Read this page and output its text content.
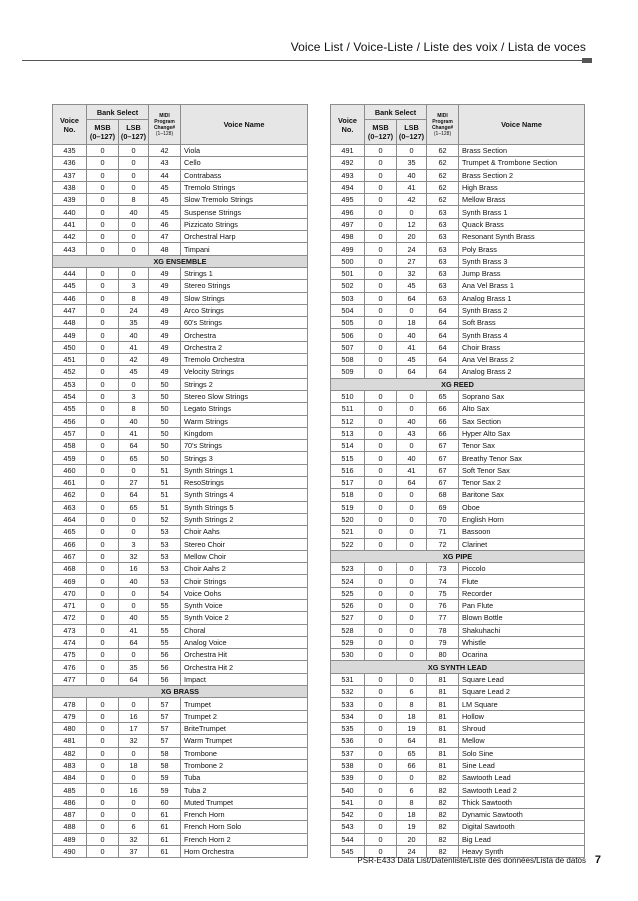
Voice List / Voice-Liste / Liste des voix / Lista de voces
Voice
No.	Bank Select		MIDI
Program
Change#
(1–128)	Voice Name
	MSB
(0–127)	LSB
(0–127)		
435	0	0	42	Viola
436	0	0	43	Cello
437	0	0	44	Contrabass
438	0	0	45	Tremolo Strings
439	0	8	45	Slow Tremolo Strings
440	0	40	45	Suspense Strings
441	0	0	46	Pizzicato Strings
442	0	0	47	Orchestral Harp
443	0	0	48	Timpani
XG ENSEMBLE				
444	0	0	49	Strings 1
445	0	3	49	Stereo Strings
446	0	8	49	Slow Strings
447	0	24	49	Arco Strings
448	0	35	49	60's Strings
449	0	40	49	Orchestra
450	0	41	49	Orchestra 2
451	0	42	49	Tremolo Orchestra
452	0	45	49	Velocity Strings
453	0	0	50	Strings 2
454	0	3	50	Stereo Slow Strings
455	0	8	50	Legato Strings
456	0	40	50	Warm Strings
457	0	41	50	Kingdom
458	0	64	50	70's Strings
459	0	65	50	Strings 3
460	0	0	51	Synth Strings 1
461	0	27	51	ResoStrings
462	0	64	51	Synth Strings 4
463	0	65	51	Synth Strings 5
464	0	0	52	Synth Strings 2
465	0	0	53	Choir Aahs
466	0	3	53	Stereo Choir
467	0	32	53	Mellow Choir
468	0	16	53	Choir Aahs 2
469	0	40	53	Choir Strings
470	0	0	54	Voice Oohs
471	0	0	55	Synth Voice
472	0	40	55	Synth Voice 2
473	0	41	55	Choral
474	0	64	55	Analog Voice
475	0	0	56	Orchestra Hit
476	0	35	56	Orchestra Hit 2
477	0	64	56	Impact
XG BRASS				
478	0	0	57	Trumpet
479	0	16	57	Trumpet 2
480	0	17	57	BriteTrumpet
481	0	32	57	Warm Trumpet
482	0	0	58	Trombone
483	0	18	58	Trombone 2
484	0	0	59	Tuba
485	0	16	59	Tuba 2
486	0	0	60	Muted Trumpet
487	0	0	61	French Horn
488	0	6	61	French Horn Solo
489	0	32	61	French Horn 2
490	0	37	61	Horn Orchestra
Voice
No.	Bank Select		MIDI
Program
Change#
(1–128)	Voice Name
	MSB
(0–127)	LSB
(0–127)		
491	0	0	62	Brass Section
492	0	35	62	Trumpet & Trombone Section
493	0	40	62	Brass Section 2
494	0	41	62	High Brass
495	0	42	62	Mellow Brass
496	0	0	63	Synth Brass 1
497	0	12	63	Quack Brass
498	0	20	63	Resonant Synth Brass
499	0	24	63	Poly Brass
500	0	27	63	Synth Brass 3
501	0	32	63	Jump Brass
502	0	45	63	Ana Vel Brass 1
503	0	64	63	Analog Brass 1
504	0	0	64	Synth Brass 2
505	0	18	64	Soft Brass
506	0	40	64	Synth Brass 4
507	0	41	64	Choir Brass
508	0	45	64	Ana Vel Brass 2
509	0	64	64	Analog Brass 2
XG REED				
510	0	0	65	Soprano Sax
511	0	0	66	Alto Sax
512	0	40	66	Sax Section
513	0	43	66	Hyper Alto Sax
514	0	0	67	Tenor Sax
515	0	40	67	Breathy Tenor Sax
516	0	41	67	Soft Tenor Sax
517	0	64	67	Tenor Sax 2
518	0	0	68	Baritone Sax
519	0	0	69	Oboe
520	0	0	70	English Horn
521	0	0	71	Bassoon
522	0	0	72	Clarinet
XG PIPE				
523	0	0	73	Piccolo
524	0	0	74	Flute
525	0	0	75	Recorder
526	0	0	76	Pan Flute
527	0	0	77	Blown Bottle
528	0	0	78	Shakuhachi
529	0	0	79	Whistle
530	0	0	80	Ocarina
XG SYNTH LEAD				
531	0	0	81	Square Lead
532	0	6	81	Square Lead 2
533	0	8	81	LM Square
534	0	18	81	Hollow
535	0	19	81	Shroud
536	0	64	81	Mellow
537	0	65	81	Solo Sine
538	0	66	81	Sine Lead
539	0	0	82	Sawtooth Lead
540	0	6	82	Sawtooth Lead 2
541	0	8	82	Thick Sawtooth
542	0	18	82	Dynamic Sawtooth
543	0	19	82	Digital Sawtooth
544	0	20	82	Big Lead
545	0	24	82	Heavy Synth
PSR-E433 Data List/Datenliste/Liste des données/Lista de datos 7
